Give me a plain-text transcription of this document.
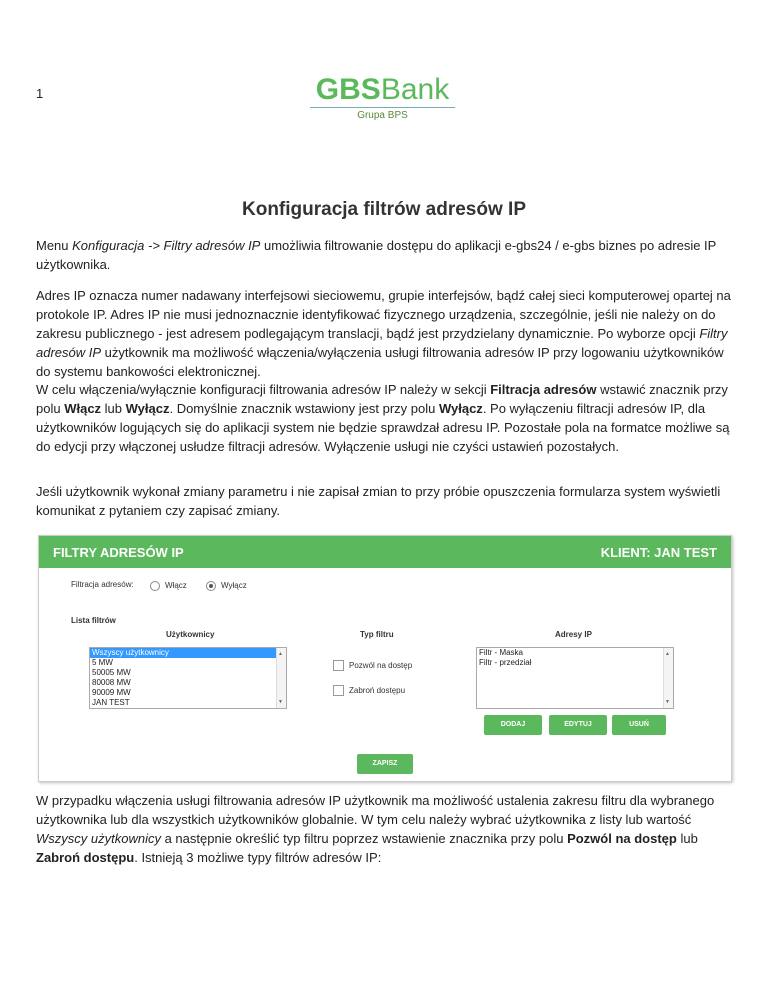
1	GBSBank
Grupa BPS
Konfiguracja filtrów adresów IP
Menu Konfiguracja -> Filtry adresów IP umożliwia filtrowanie dostępu do aplikacji e-gbs24 / e-gbs biznes po adresie IP użytkownika.
Adres IP oznacza numer nadawany interfejsowi sieciowemu, grupie interfejsów, bądź całej sieci komputerowej opartej na protokole IP. Adres IP nie musi jednoznacznie identyfikować fizycznego urządzenia, szczególnie, jeśli nie należy on do zakresu publicznego - jest adresem podlegającym translacji, bądź jest przydzielany dynamicznie. Po wyborze opcji Filtry adresów IP użytkownik ma możliwość włączenia/wyłączenia usługi filtrowania adresów IP przy logowaniu użytkowników do systemu bankowości elektronicznej.
W celu włączenia/wyłącznie konfiguracji filtrowania adresów IP należy w sekcji Filtracja adresów wstawić znacznik przy polu Włącz lub Wyłącz. Domyślnie znacznik wstawiony jest przy polu Wyłącz. Po wyłączeniu filtracji adresów IP, dla użytkowników logujących się do aplikacji system nie będzie sprawdzał adresu IP. Pozostałe pola na formatce możliwe są do edycji przy włączonej usłudze filtracji adresów. Wyłączenie usługi nie czyści ustawień pozostałych.
Jeśli użytkownik wykonał zmiany parametru i nie zapisał zmian to przy próbie opuszczenia formularza system wyświetli komunikat z pytaniem czy zapisać zmiany.
FILTRY ADRESÓW IP	KLIENT: JAN TEST
Filtracja adresów:	Włącz	Wyłącz
Lista filtrów
Użytkownicy	Typ filtru	Adresy IP
Wszyscy użytkownicy
5 MW
50005 MW
80008 MW
90009 MW
JAN TEST
▲
▼
Pozwól na dostęp
Zabroń dostępu
Filtr - Maska
Filtr - przedział
▲
▼
DODAJ	EDYTUJ	USUŃ
ZAPISZ
W przypadku włączenia usługi filtrowania adresów IP użytkownik ma możliwość ustalenia zakresu filtru dla wybranego użytkownika lub dla wszystkich użytkowników globalnie. W tym celu należy wybrać użytkownika z listy lub wartość Wszyscy użytkownicy a następnie określić typ filtru poprzez wstawienie znacznika przy polu Pozwól na dostęp lub Zabroń dostępu. Istnieją 3 możliwe typy filtrów adresów IP:
